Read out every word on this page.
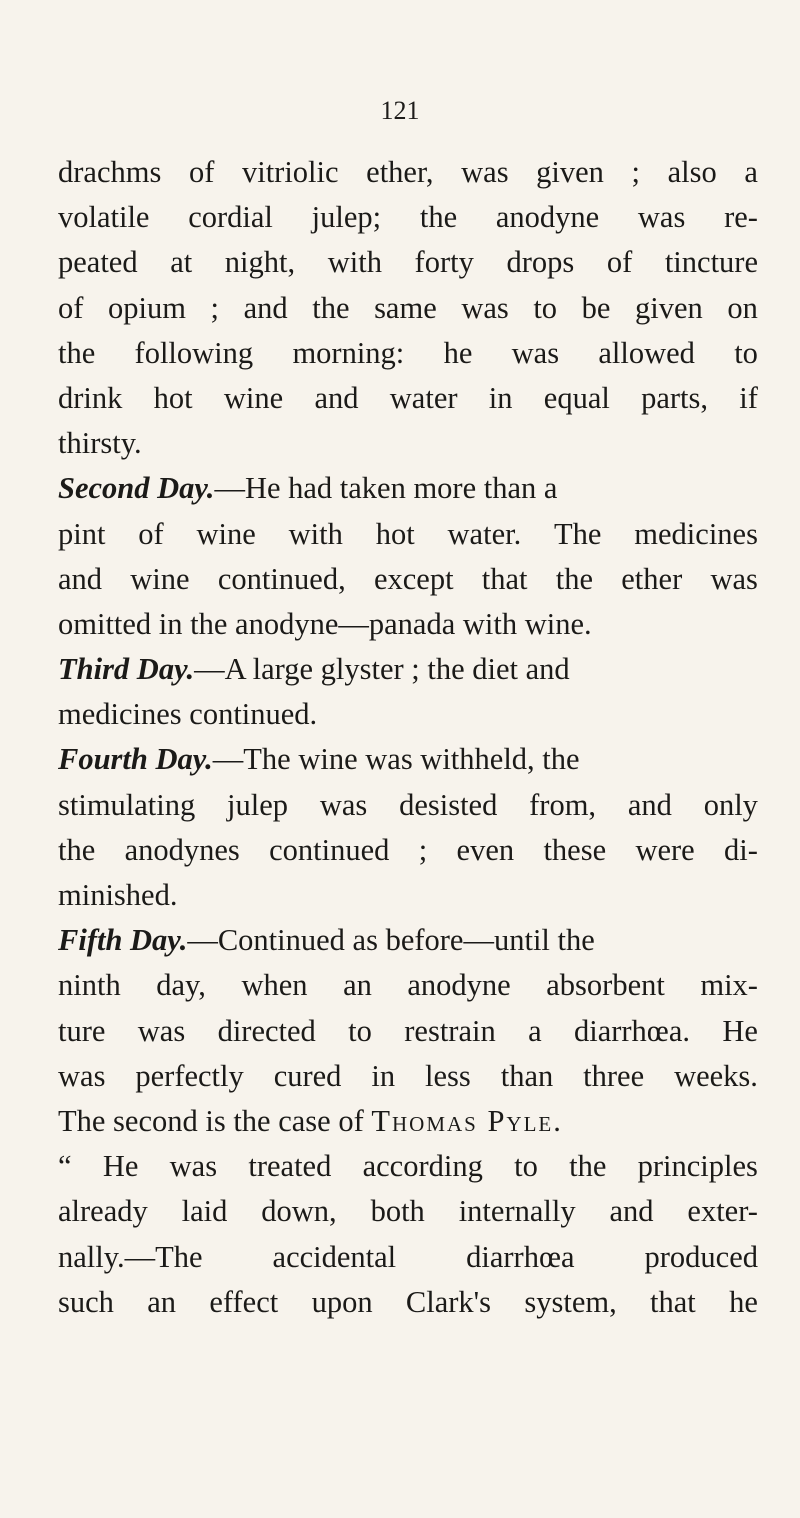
121
drachms of vitriolic ether, was given ; also a
volatile cordial julep; the anodyne was re-
peated at night, with forty drops of tincture
of opium ; and the same was to be given on
the following morning: he was allowed to
drink hot wine and water in equal parts, if
thirsty.
Second Day. —He had taken more than a
pint of wine with hot water. The medicines
and wine continued, except that the ether was
omitted in the anodyne—panada with wine.
Third Day. —A large glyster ; the diet and
medicines continued.
Fourth Day. —The wine was withheld, the
stimulating julep was desisted from, and only
the anodynes continued ; even these were di-
minished.
Fifth Day. —Continued as before—until the
ninth day, when an anodyne absorbent mix-
ture was directed to restrain a diarrhœa. He
was perfectly cured in less than three weeks.
The second is the case of Thomas Pyle.
“ He was treated according to the principles
already laid down, both internally and exter-
nally.—The accidental diarrhœa produced
such an effect upon Clark's system, that he
